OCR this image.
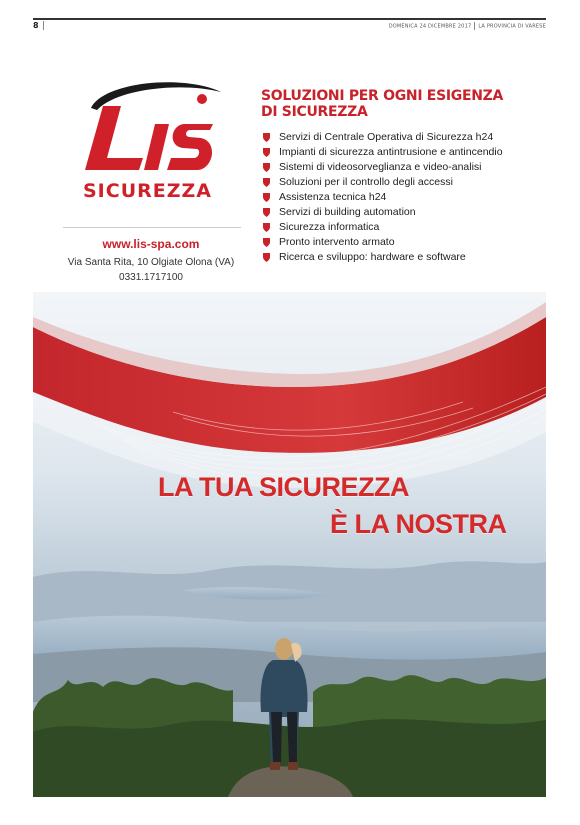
8	DOMENICA 24 DICEMBRE 2017 LA PROVINCIA DI VARESE
SICUREZZA
www.lis-spa.com
Via Santa Rita, 10 Olgiate Olona (VA)
0331.1717100
SOLUZIONI PER OGNI ESIGENZA
DI SICUREZZA
Servizi di Centrale Operativa di Sicurezza h24
Impianti di sicurezza antintrusione e antincendio
Sistemi di videosorveglianza e video-analisi
Soluzioni per il controllo degli accessi
Assistenza tecnica h24
Servizi di building automation
Sicurezza informatica
Pronto intervento armato
Ricerca e sviluppo: hardware e software
LA TUA SICUREZZA
È LA NOSTRA
